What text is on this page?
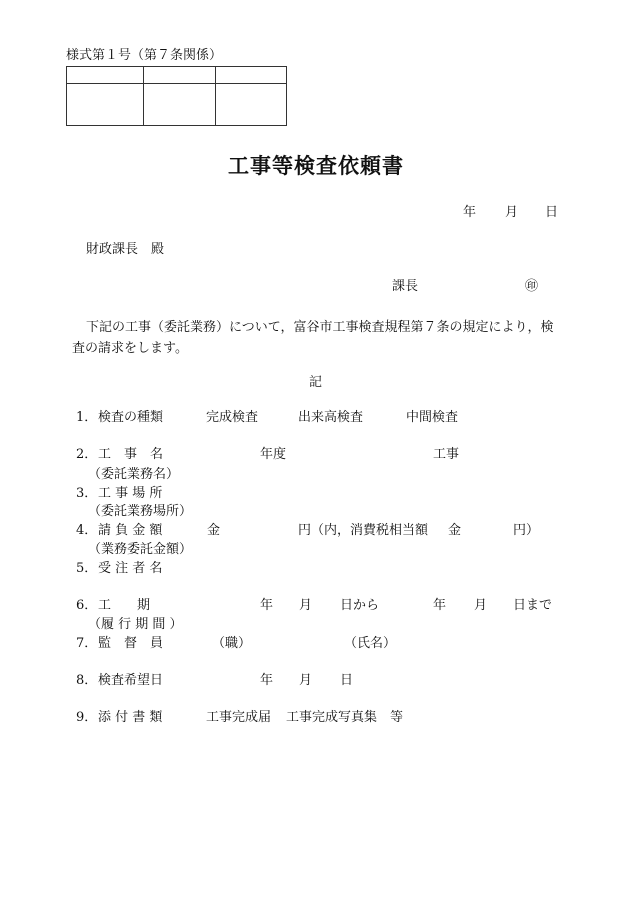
様式第１号（第７条関係）

工事等検査依頼書
年 月 日
財政課長　殿
課長	㊞
下記の工事（委託業務）について，富谷市工事検査規程第７条の規定により，検査の請求をします。
記
1． 検査の種類	完成検査	出来高検査	中間検査
2． 工　事　名	年度	工事
（委託業務名）
3． 工 事 場 所
（委託業務場所）
4． 請 負 金 額	金	円（内，消費税相当額 金	円）
（業務委託金額）
5． 受 注 者 名
6． 工　　期	年 月 日から	年 月 日まで
（履 行 期 間 ）
7． 監　督　員	（職）	（氏名）
8． 検査希望日	年 月 日
9． 添 付 書 類	工事完成届 工事完成写真集　等
